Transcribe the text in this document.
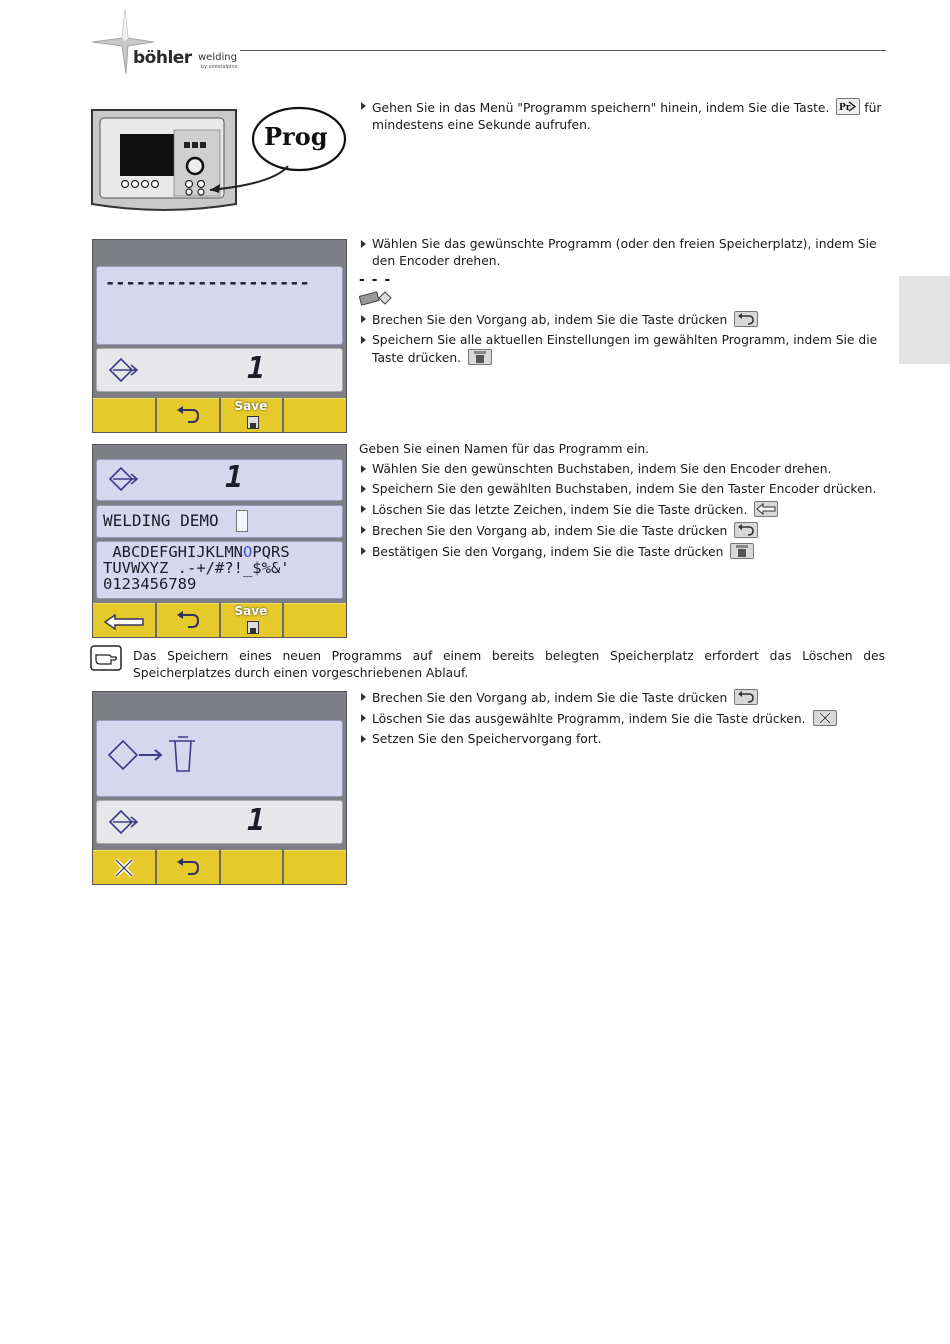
böhler welding
by voestalpine
Prog
Gehen Sie in das Menü "Programm speichern" hinein, indem Sie die Taste. Pr für mindestens eine Sekunde aufrufen.
--------------------
1
Save
Wählen Sie das gewünschte Programm (oder den freien Speicherplatz), indem Sie den Encoder drehen.
- - -
Brechen Sie den Vorgang ab, indem Sie die Taste drücken
Speichern Sie alle aktuellen Einstellungen im gewählten Programm, indem Sie die Taste drücken.
1
WELDING DEMO
ABCDEFGHIJKLMNOPQRS
TUVWXYZ .-+/#?!_$%&'
0123456789
Save
Geben Sie einen Namen für das Programm ein.
Wählen Sie den gewünschten Buchstaben, indem Sie den Encoder drehen.
Speichern Sie den gewählten Buchstaben, indem Sie den Taster Encoder drücken.
Löschen Sie das letzte Zeichen, indem Sie die Taste drücken.
Brechen Sie den Vorgang ab, indem Sie die Taste drücken
Bestätigen Sie den Vorgang, indem Sie die Taste drücken
Das Speichern eines neuen Programms auf einem bereits belegten Speicherplatz erfordert das Löschen des Speicherplatzes durch einen vorgeschriebenen Ablauf.
1
Brechen Sie den Vorgang ab, indem Sie die Taste drücken
Löschen Sie das ausgewählte Programm, indem Sie die Taste drücken.
Setzen Sie den Speichervorgang fort.
